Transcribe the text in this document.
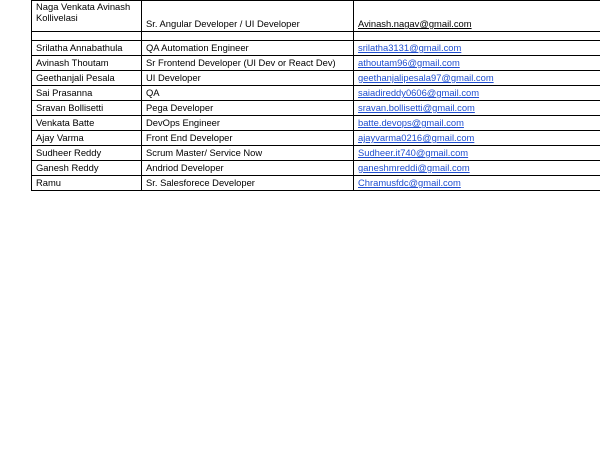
Naga Venkata Avinash Kollivelasi	Sr. Angular Developer / UI Developer	Avinash.nagav@gmail.com

Srilatha Annabathula	QA Automation Engineer	srilatha3131@gmail.com
Avinash Thoutam	Sr Frontend Developer (UI Dev or React Dev)	athoutam96@gmail.com
Geethanjali Pesala	UI Developer	geethanjalipesala97@gmail.com
Sai Prasanna	QA	saiadireddy0606@gmail.com
Sravan Bollisetti	Pega Developer	sravan.bollisetti@gmail.com
Venkata Batte	DevOps Engineer	batte.devops@gmail.com
Ajay Varma	Front End Developer	ajayvarma0216@gmail.com
Sudheer Reddy	Scrum Master/ Service Now	Sudheer.it740@gmail.com
Ganesh Reddy	Andriod Developer	ganeshmreddi@gmail.com
Ramu	Sr. Salesforece Developer	Chramusfdc@gmail.com
